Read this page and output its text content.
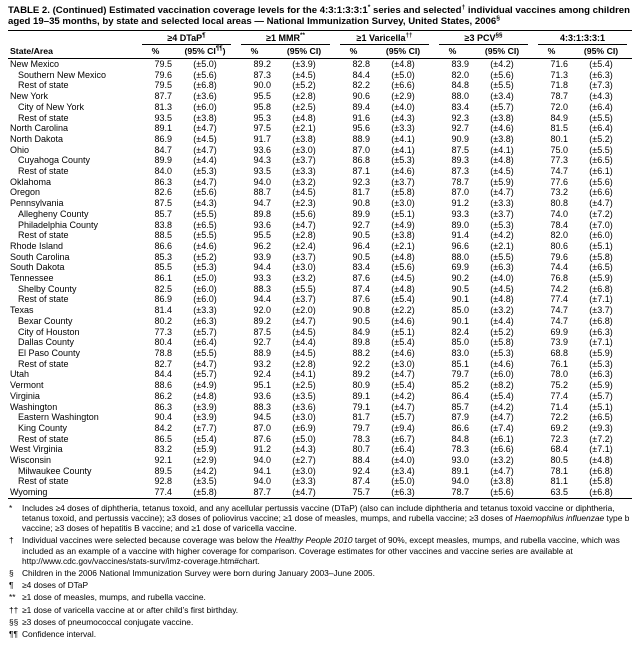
TABLE 2. (Continued) Estimated vaccination coverage levels for the 4:3:1:3:3:1* series and selected† individual vaccines among children aged 19–35 months, by state and selected local areas — National Immunization Survey, United States, 2006§

	≥4 DTaP¶		≥1 MMR**		≥1 Varicella††		≥3 PCV§§		4:3:1:3:3:1	

State/Area	%	(95% CI¶¶)	%	(95% CI)	%	(95% CI)	%	(95% CI)	%	(95% CI)
New Mexico	79.5	(±5.0)	89.2	(±3.9)	82.8	(±4.8)	83.9	(±4.2)	71.6	(±5.4)
Southern New Mexico	79.6	(±5.6)	87.3	(±4.5)	84.4	(±5.0)	82.0	(±5.6)	71.3	(±6.3)
Rest of state	79.5	(±6.8)	90.0	(±5.2)	82.2	(±6.6)	84.8	(±5.5)	71.8	(±7.3)
New York	87.7	(±3.6)	95.5	(±2.8)	90.6	(±2.9)	88.0	(±3.4)	78.7	(±4.3)
City of New York	81.3	(±6.0)	95.8	(±2.5)	89.4	(±4.0)	83.4	(±5.7)	72.0	(±6.4)
Rest of state	93.5	(±3.8)	95.3	(±4.8)	91.6	(±4.3)	92.3	(±3.8)	84.9	(±5.5)
North Carolina	89.1	(±4.7)	97.5	(±2.1)	95.6	(±3.3)	92.7	(±4.6)	81.5	(±6.4)
North Dakota	86.9	(±4.5)	91.7	(±3.8)	88.9	(±4.1)	90.9	(±3.8)	80.1	(±5.2)
Ohio	84.7	(±4.7)	93.6	(±3.0)	87.0	(±4.1)	87.5	(±4.1)	75.0	(±5.5)
Cuyahoga County	89.9	(±4.4)	94.3	(±3.7)	86.8	(±5.3)	89.3	(±4.8)	77.3	(±6.5)
Rest of state	84.0	(±5.3)	93.5	(±3.3)	87.1	(±4.6)	87.3	(±4.5)	74.7	(±6.1)
Oklahoma	86.3	(±4.7)	94.0	(±3.2)	92.3	(±3.7)	78.7	(±5.9)	77.6	(±5.6)
Oregon	82.6	(±5.6)	88.7	(±4.5)	81.7	(±5.8)	87.0	(±4.7)	73.2	(±6.6)
Pennsylvania	87.5	(±4.3)	94.7	(±2.3)	90.8	(±3.0)	91.2	(±3.3)	80.8	(±4.7)
Allegheny County	85.7	(±5.5)	89.8	(±5.6)	89.9	(±5.1)	93.3	(±3.7)	74.0	(±7.2)
Philadelphia County	83.8	(±6.5)	93.6	(±4.7)	92.7	(±4.9)	89.0	(±5.3)	78.4	(±7.0)
Rest of state	88.5	(±5.5)	95.5	(±2.8)	90.5	(±3.8)	91.4	(±4.2)	82.0	(±6.0)
Rhode Island	86.6	(±4.6)	96.2	(±2.4)	96.4	(±2.1)	96.6	(±2.1)	80.6	(±5.1)
South Carolina	85.3	(±5.2)	93.9	(±3.7)	90.5	(±4.8)	88.0	(±5.5)	79.6	(±5.8)
South Dakota	85.5	(±5.3)	94.4	(±3.0)	83.4	(±5.6)	69.9	(±6.3)	74.4	(±6.5)
Tennessee	86.1	(±5.0)	93.3	(±3.2)	87.6	(±4.5)	90.2	(±4.0)	76.8	(±5.9)
Shelby County	82.5	(±6.0)	88.3	(±5.5)	87.4	(±4.8)	90.5	(±4.5)	74.2	(±6.8)
Rest of state	86.9	(±6.0)	94.4	(±3.7)	87.6	(±5.4)	90.1	(±4.8)	77.4	(±7.1)
Texas	81.4	(±3.3)	92.0	(±2.0)	90.8	(±2.2)	85.0	(±3.2)	74.7	(±3.7)
Bexar County	80.2	(±6.3)	89.2	(±4.7)	90.5	(±4.6)	90.1	(±4.4)	74.7	(±6.8)
City of Houston	77.3	(±5.7)	87.5	(±4.5)	84.9	(±5.1)	82.4	(±5.2)	69.9	(±6.3)
Dallas County	80.4	(±6.4)	92.7	(±4.4)	89.8	(±5.4)	85.0	(±5.8)	73.9	(±7.1)
El Paso County	78.8	(±5.5)	88.9	(±4.5)	88.2	(±4.6)	83.0	(±5.3)	68.8	(±5.9)
Rest of state	82.7	(±4.7)	93.2	(±2.8)	92.2	(±3.0)	85.1	(±4.6)	76.1	(±5.3)
Utah	84.4	(±5.7)	92.4	(±4.1)	89.2	(±4.7)	79.7	(±6.0)	78.0	(±6.3)
Vermont	88.6	(±4.9)	95.1	(±2.5)	80.9	(±5.4)	85.2	(±8.2)	75.2	(±5.9)
Virginia	86.2	(±4.8)	93.6	(±3.5)	89.1	(±4.2)	86.4	(±5.4)	77.4	(±5.7)
Washington	86.3	(±3.9)	88.3	(±3.6)	79.1	(±4.7)	85.7	(±4.2)	71.4	(±5.1)
Eastern Washington	90.4	(±3.9)	94.5	(±3.0)	81.7	(±5.7)	87.9	(±4.7)	72.2	(±6.5)
King County	84.2	(±7.7)	87.0	(±6.9)	79.7	(±9.4)	86.6	(±7.4)	69.2	(±9.3)
Rest of state	86.5	(±5.4)	87.6	(±5.0)	78.3	(±6.7)	84.8	(±6.1)	72.3	(±7.2)
West Virginia	83.2	(±5.9)	91.2	(±4.3)	80.7	(±6.4)	78.3	(±6.6)	68.4	(±7.1)
Wisconsin	92.1	(±2.9)	94.0	(±2.7)	88.4	(±4.0)	93.0	(±3.2)	80.5	(±4.8)
Milwaukee County	89.5	(±4.2)	94.1	(±3.0)	92.4	(±3.4)	89.1	(±4.7)	78.1	(±6.8)
Rest of state	92.8	(±3.5)	94.0	(±3.3)	87.4	(±5.0)	94.0	(±3.8)	81.1	(±5.8)
Wyoming	77.4	(±5.8)	87.7	(±4.7)	75.7	(±6.3)	78.7	(±5.6)	63.5	(±6.8)
* Includes ≥4 doses of diphtheria, tetanus toxoid, and any acellular pertussis vaccine (DTaP) (also can include diphtheria and tetanus toxoid vaccine or diphtheria, tetanus toxoid, and pertussis vaccine); ≥3 doses of poliovirus vaccine; ≥1 dose of measles, mumps, and rubella vaccine; ≥3 doses of Haemophilus influenzae type b vaccine; ≥3 doses of hepatitis B vaccine; and ≥1 dose of varicella vaccine.
† Individual vaccines were selected because coverage was below the Healthy People 2010 target of 90%, except measles, mumps, and rubella vaccine, which was included as an example of a vaccine with higher coverage for comparison. Coverage estimates for other vaccines and vaccine series are available at http://www.cdc.gov/vaccines/stats-surv/imz-coverage.htm#chart.
§ Children in the 2006 National Immunization Survey were born during January 2003–June 2005.
¶ ≥4 doses of DTaP
** ≥1 dose of measles, mumps, and rubella vaccine.
†† ≥1 dose of varicella vaccine at or after child’s first birthday.
§§ ≥3 doses of pneumococcal conjugate vaccine.
¶¶ Confidence interval.
